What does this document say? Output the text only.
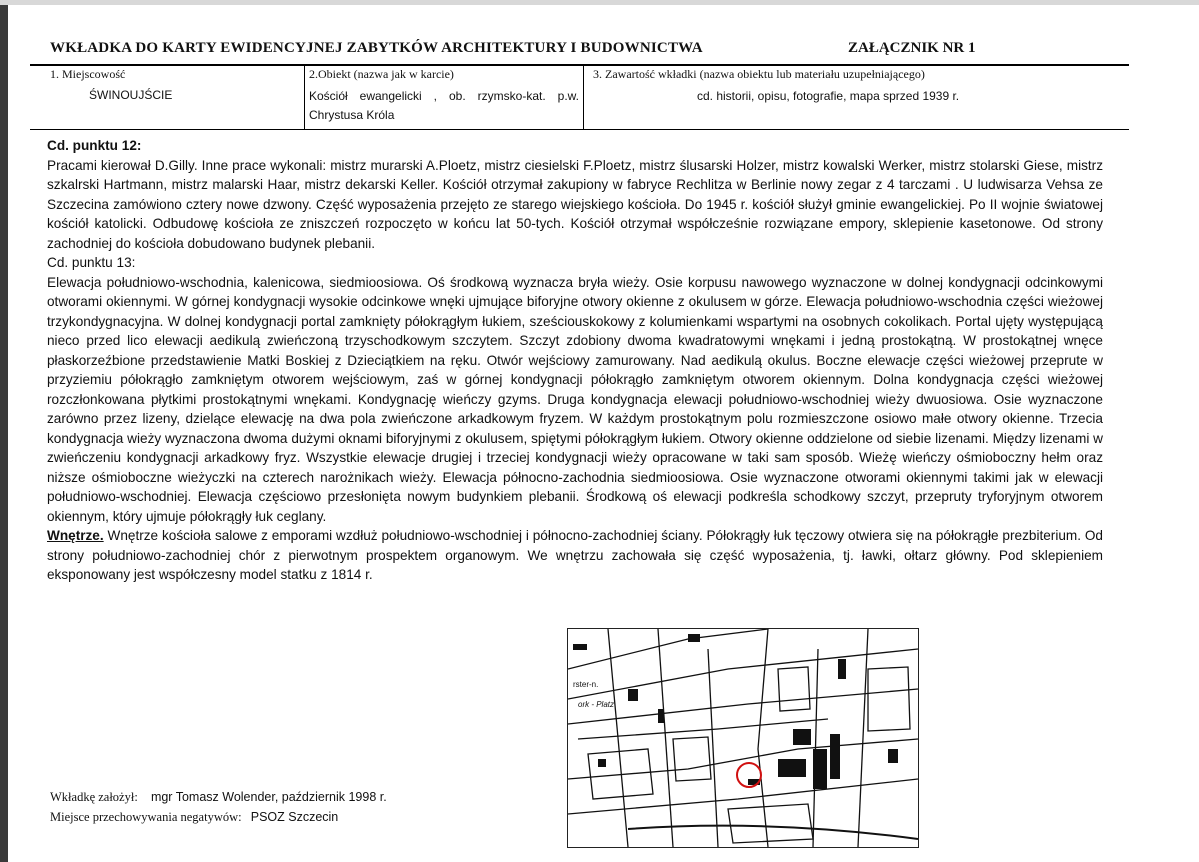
WKŁADKA DO KARTY EWIDENCYJNEJ ZABYTKÓW ARCHITEKTURY I BUDOWNICTWA	ZAŁĄCZNIK NR 1
1. Miejscowość
ŚWINOUJŚCIE
2.Obiekt (nazwa jak w karcie)
Kościół ewangelicki , ob. rzymsko-kat. p.w.
Chrystusa Króla
3. Zawartość wkładki (nazwa obiektu lub materiału uzupełniającego)
cd. historii, opisu, fotografie, mapa sprzed 1939 r.

Cd. punktu 12:

Pracami kierował D.Gilly. Inne prace wykonali: mistrz murarski A.Ploetz, mistrz ciesielski F.Ploetz, mistrz ślusarski Holzer, mistrz kowalski Werker, mistrz stolarski Giese, mistrz szkalrski Hartmann, mistrz malarski Haar, mistrz dekarski Keller. Kościół otrzymał zakupiony w fabryce Rechlitza w Berlinie nowy zegar z 4 tarczami . U ludwisarza Vehsa ze Szczecina zamówiono cztery nowe dzwony. Część wyposażenia przejęto ze starego wiejskiego kościoła. Do 1945 r. kościół służył gminie ewangelickiej. Po II wojnie światowej kościół katolicki. Odbudowę kościoła ze zniszczeń rozpoczęto w końcu lat 50-tych. Kościół otrzymał współcześnie rozwiązane empory, sklepienie kasetonowe. Od strony zachodniej do kościoła dobudowano budynek plebanii.

Cd. punktu 13:

Elewacja południowo-wschodnia, kalenicowa, siedmioosiowa. Oś środkową wyznacza bryła wieży. Osie korpusu nawowego wyznaczone w dolnej kondygnacji odcinkowymi otworami okiennymi. W górnej kondygnacji wysokie odcinkowe wnęki ujmujące biforyjne otwory okienne z okulusem w górze. Elewacja południowo-wschodnia części wieżowej trzykondygnacyjna. W dolnej kondygnacji portal zamknięty półokrągłym łukiem, sześciouskokowy z kolumienkami wspartymi na osobnych cokolikach. Portal ujęty występującą nieco przed lico elewacji aedikulą zwieńczoną trzyschodkowym szczytem. Szczyt zdobiony dwoma kwadratowymi wnękami i jedną prostokątną. W prostokątnej wnęce płaskorzeźbione przedstawienie Matki Boskiej z Dzieciątkiem na ręku. Otwór wejściowy zamurowany. Nad aedikulą okulus. Boczne elewacje części wieżowej przeprute w przyziemiu półokrągło zamkniętym otworem wejściowym, zaś w górnej kondygnacji półokrągło zamkniętym otworem okiennym. Dolna kondygnacja części wieżowej rozczłonkowana płytkimi prostokątnymi wnękami. Kondygnację wieńczy gzyms. Druga kondygnacja elewacji południowo-wschodniej wieży dwuosiowa. Osie wyznaczone zarówno przez lizeny, dzielące elewację na dwa pola zwieńczone arkadkowym fryzem. W każdym prostokątnym polu rozmieszczone osiowo małe otwory okienne. Trzecia kondygnacja wieży wyznaczona dwoma dużymi oknami biforyjnymi z okulusem, spiętymi półokrągłym łukiem. Otwory okienne oddzielone od siebie lizenami. Między lizenami w zwieńczeniu kondygnacji arkadkowy fryz. Wszystkie elewacje drugiej i trzeciej kondygnacji wieży opracowane w taki sam sposób. Wieżę wieńczy ośmioboczny hełm oraz niższe ośmioboczne wieżyczki na czterech narożnikach wieży. Elewacja północno-zachodnia siedmioosiowa. Osie wyznaczone otworami okiennymi takimi jak w elewacji południowo-wschodniej. Elewacja częściowo przesłonięta nowym budynkiem plebanii. Środkową oś elewacji podkreśla schodkowy szczyt, przepruty tryforyjnym otworem okiennym, który ujmuje półokrągły łuk ceglany.

Wnętrze. Wnętrze kościoła salowe z emporami wzdłuż południowo-wschodniej i północno-zachodniej ściany. Półokrągły łuk tęczowy otwiera się na półokrągłe prezbiterium. Od strony południowo-zachodniej chór z pierwotnym prospektem organowym. We wnętrzu zachowała się część wyposażenia, tj. ławki, ołtarz główny. Pod sklepieniem eksponowany jest współczesny model statku z 1814 r.

rster-n.
ork - Platz
Wkładkę założył: mgr Tomasz Wolender, październik 1998 r.
Miejsce przechowywania negatywów: PSOZ Szczecin
